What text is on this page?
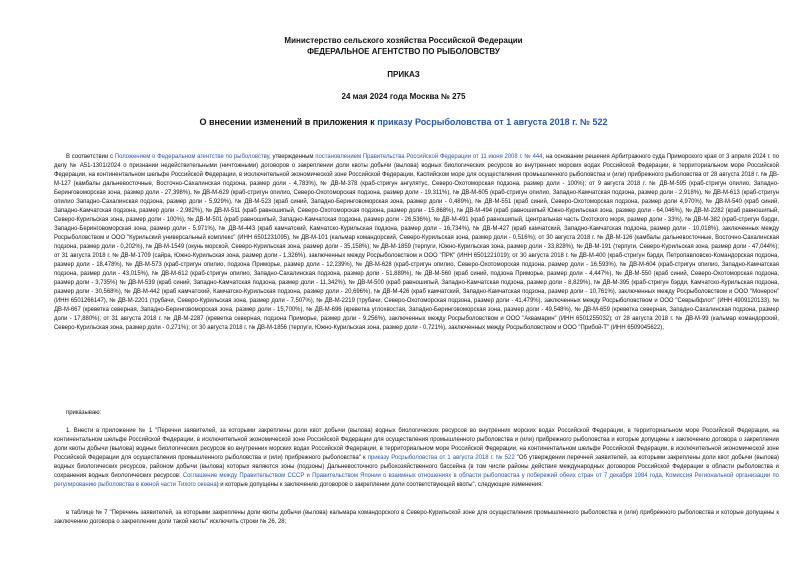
Министерство сельского хозяйства Российской Федерации
ФЕДЕРАЛЬНОЕ АГЕНТСТВО ПО РЫБОЛОВСТВУ
ПРИКАЗ
24 мая 2024 года Москва № 275
О внесении изменений в приложения к приказу Росрыболовства от 1 августа 2018 г. № 522
В соответствии с Положением о Федеральном агентстве по рыболовству, утвержденным постановлением Правительства Российской Федерации от 11 июня 2008 г. № 444, на основании решения Арбитражного суда Приморского края от 3 апреля 2024 г. по делу № А51-1301/2024 о признании недействительными (ничтожными) договоров о закреплении доли квоты добычи (вылова) водных биологических ресурсов во внутренних морских водах Российской Федерации, в территориальном море Российской Федерации, на континентальном шельфе Российской Федерации, в исключительной экономической зоне Российской Федерации, Каспийском море для осуществления промышленного рыболовства и (или) прибрежного рыболовства от 28 августа 2018 г. № ДВ-М-127 (камбалы дальневосточные, Восточно-Сахалинская подзона, размер доли - 4,783%), № ДВ-М-378 (краб-стригун ангулятус, Северо-Охотоморская подзона, размер доли - 100%); от 9 августа 2018 г. № ДВ-М-595 (краб-стригун опилио, Западно-Беринговоморская зона, размер доли - 27,398%), № ДВ-М-629 (краб-стригун опилио, Северо-Охотоморская подзона, размер доли - 19,311%), № ДВ-М-605 (краб-стригун опилио, Западно-Камчатская подзона, размер доли - 2,918%), № ДВ-М-613 (краб-стригун опилио Западно-Сахалинская подзона, размер доли - 5,929%), № ДВ-М-523 (краб синий, Западно-Беринговоморская зона, размер доли - 0,489%), № ДВ-М-551 (краб синий, Северо-Охотоморская подзона, размер доли 4,970%), № ДВ-М-540 (краб синий, Западно-Камчатская подзона, размер доли - 2,982%), № ДВ-М-511 (краб равношипый, Северо-Охотоморская подзона, размер доли - 15,868%), № ДВ-М-494 (краб равношипый Южно-Курильская зона, размер доли - 64,046%), № ДВ-М-2282 (краб равношипый, Северо-Курильская зона, размер доли - 100%), № ДВ-М-501 (краб равношипый, Западно-Камчатская подзона, размер доли - 26,536%), № ДВ-М-491 (краб равношипый, Центральная часть Охотского моря, размер доли - 33%), № ДВ-М-382 (краб-стригун бэрди, Западно-Беринговоморская зона, размер доли - 5,971%), № ДВ-М-443 (краб камчатский, Камчатско-Курильская подзона, размер доли - 16,734%), № ДВ-М-427 (краб камчатский, Западно-Камчатская подзона, размер доли - 10,018%), заключенных между Росрыболовством и ООО "Курильский универсальный комплекс" (ИНН 6501231095), № ДВ-М-101 (кальмар командорский, Северо-Курильская зона, размер доли - 0,516%); от 30 августа 2018 г. № ДВ-М-126 (камбалы дальневосточные, Восточно-Сахалинская подзона, размер доли - 0,202%), № ДВ-М-1549 (окунь морской, Северо-Курильская зона, размер доли - 35,158%), № ДВ-М-1859 (терпуги, Южно-Курильская зона, размер доли - 33,828%), № ДВ-М-191 (терпуги, Северо-Курильская зона, размер доли - 47,044%); от 31 августа 2018 г. № ДВ-М-1709 (сайра, Южно-Курильская зона, размер доли - 1,326%), заключенных между Росрыболовством и ООО "ПРК" (ИНН 6501221019); от 30 августа 2018 г. № ДВ-М-400 (краб-стригун бэрди, Петропавловско-Командорская подзона, размер доли - 18,478%), № ДВ-М-573 (краб-стригун опилио, подзона Приморье, размер доли - 12,239%), № ДВ-М-628 (краб-стригун опилио, Северо-Охотоморская подзона, размер доли - 16,593%), № ДВ-М-604 (краб-стригун опилио, Западно-Камчатская подзона, размер доли - 43,015%), № ДВ-М-612 (краб-стригун опилио, Западно-Сахалинская подзона, размер доли - 51,889%), № ДВ-М-560 (краб синий, подзона Приморье, размер доли - 4,447%), № ДВ-М-550 (краб синий, Северо-Охотоморская подзона, размер доли - 3,735%) № ДВ-М-539 (краб синий, Западно-Камчатская подзона, размер доли - 11,342%), № ДВ-М-500 (краб равношипый, Западно-Камчатская подзона, размер доли - 8,829%), № ДВ-М-395 (краб-стригун бэрди, Камчатско-Курильская подзона, размер доли - 30,568%), № ДВ-М-442 (краб камчатский, Камчатско-Курильская подзона, размер доли - 20,696%), № ДВ-М-426 (краб камчатский, Западно-Камчатская подзона, размер доли - 10,761%), заключенных между Росрыболовством и ООО "Монерон" (ИНН 6501266147), № ДВ-М-2201 (трубачи, Северо-Курильская зона, размер доли - 7,507%), № ДВ-М-2219 (трубачи, Северо-Охотоморская подзона, размер доли - 41,479%), заключенных между Росрыболовством и ООО "Севрыбфлот" (ИНН 4909120133), № ДВ-М-667 (креветка северная, Западно-Беринговоморская зона, размер доли - 15,700%), № ДВ-М-696 (креветка углохвостая, Западно-Беринговоморская зона, размер доли - 49,548%), № ДВ-М-659 (креветка северная, Западно-Сахалинская подзона, размер доли - 17,880%); от 31 августа 2018 г. № ДВ-М-2287 (креветка северная, подзона Приморье, размер доли - 9,256%), заключенных между Росрыболовством и ООО "Аквамарин" (ИНН 6501255032); от 28 августа 2018 г. № ДВ-М-99 (кальмар командорский, Северо-Курильская зона, размер доли - 0,271%); от 30 августа 2018 г. № ДВ-М-1856 (терпуги, Южно-Курильская зона, размер доли - 0,721%), заключенных между Росрыболовством и ООО "Прибой-Т" (ИНН 6509045622),
приказываю:
1. Внести в приложение № 1 "Перечни заявителей, за которыми закреплены доли квот добычи (вылова) водных биологических ресурсов во внутренних морских водах Российской Федерации, в территориальном море Российской Федерации, на континентальном шельфе Российской Федерации, в исключительной экономической зоне Российской Федерации для осуществления промышленного рыболовства и (или) прибрежного рыболовства и которые допущены к заключению договора о закреплении доли квоты добычи (вылова) водных биологических ресурсов во внутренних морских водах Российской Федерации, в территориальном море Российской Федерации, на континентальном шельфе Российской Федерации, в исключительной экономической зоне Российской Федерации для осуществления промышленного рыболовства и (или) прибрежного рыболовства" к приказу Росрыболовства от 1 августа 2018 г. № 522 "Об утверждении перечней заявителей, за которыми закреплены доли квот добычи (вылова) водных биологических ресурсов, районом добычи (вылова) которых являются зоны (подзоны) Дальневосточного рыбохозяйственного бассейна (в том числе районы действия международных договоров Российской Федерации в области рыболовства и сохранения водных биологических ресурсов: Соглашение между Правительством СССР и Правительством Японии о взаимных отношениях в области рыболовства у побережий обеих стран от 7 декабря 1984 года, Комиссия Региональной организации по регулированию рыболовства в южной части Тихого океана) и которые допущены к заключению договоров о закреплении доли соответствующей квоты", следующие изменения:
в таблице № 7 "Перечень заявителей, за которыми закреплены доли квоты добычи (вылова) кальмара командорского в Северо-Курильской зоне для осуществления промышленного рыболовства и (или) прибрежного рыболовства и которые допущены к заключению договора о закреплении доли такой квоты" исключить строки № 26, 28;
